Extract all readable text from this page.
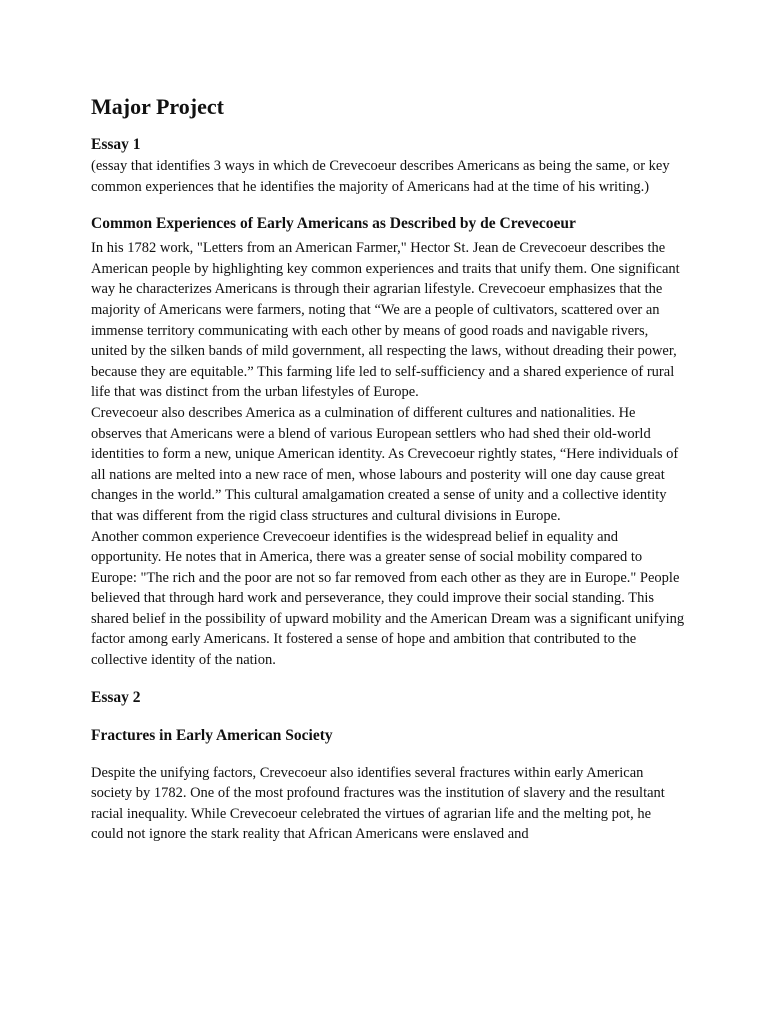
Major Project
Essay 1

(essay that identifies 3 ways in which de Crevecoeur describes Americans as being the same, or key common experiences that he identifies the majority of Americans had at the time of his writing.)

Common Experiences of Early Americans as Described by de Crevecoeur

In his 1782 work, "Letters from an American Farmer," Hector St. Jean de Crevecoeur describes the American people by highlighting key common experiences and traits that unify them. One significant way he characterizes Americans is through their agrarian lifestyle. Crevecoeur emphasizes that the majority of Americans were farmers, noting that “We are a people of cultivators, scattered over an immense territory communicating with each other by means of good roads and navigable rivers, united by the silken bands of mild government, all respecting the laws, without dreading their power, because they are equitable.” This farming life led to self-sufficiency and a shared experience of rural life that was distinct from the urban lifestyles of Europe.

Crevecoeur also describes America as a culmination of different cultures and nationalities. He observes that Americans were a blend of various European settlers who had shed their old-world identities to form a new, unique American identity. As Crevecoeur rightly states, “Here individuals of all nations are melted into a new race of men, whose labours and posterity will one day cause great changes in the world.” This cultural amalgamation created a sense of unity and a collective identity that was different from the rigid class structures and cultural divisions in Europe.

Another common experience Crevecoeur identifies is the widespread belief in equality and opportunity. He notes that in America, there was a greater sense of social mobility compared to Europe: "The rich and the poor are not so far removed from each other as they are in Europe." People believed that through hard work and perseverance, they could improve their social standing. This shared belief in the possibility of upward mobility and the American Dream was a significant unifying factor among early Americans. It fostered a sense of hope and ambition that contributed to the collective identity of the nation.

Essay 2
Fractures in Early American Society

Despite the unifying factors, Crevecoeur also identifies several fractures within early American society by 1782. One of the most profound fractures was the institution of slavery and the resultant racial inequality. While Crevecoeur celebrated the virtues of agrarian life and the melting pot, he could not ignore the stark reality that African Americans were enslaved and
